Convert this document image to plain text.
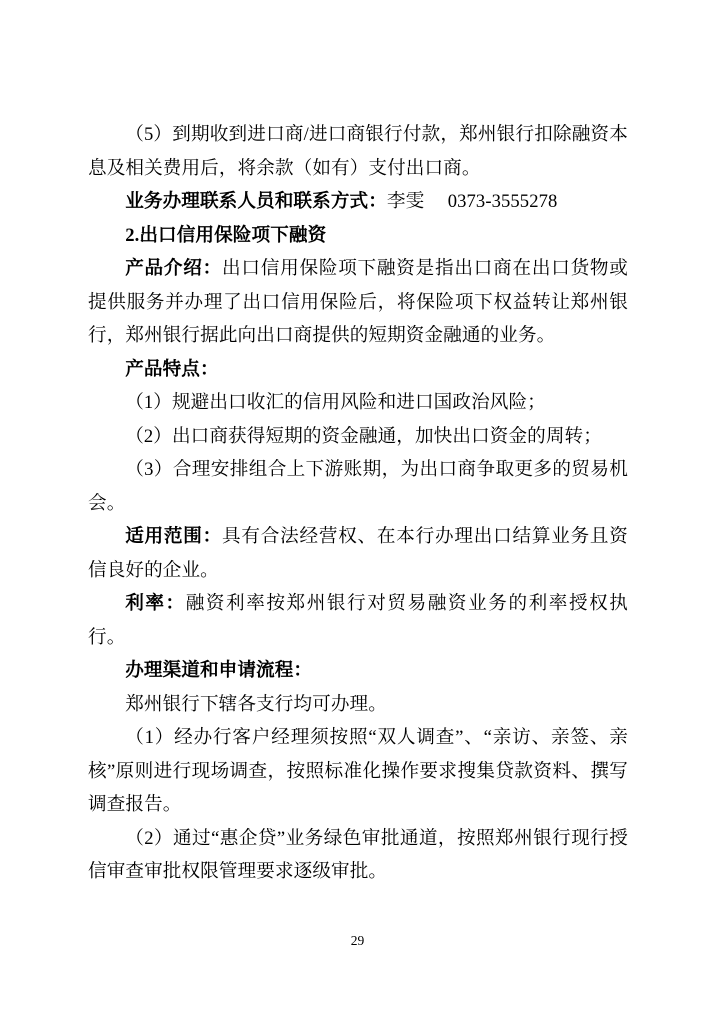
（5）到期收到进口商/进口商银行付款，郑州银行扣除融资本息及相关费用后，将余款（如有）支付出口商。

业务办理联系人员和联系方式：李雯　 0373-3555278

2.出口信用保险项下融资

产品介绍：出口信用保险项下融资是指出口商在出口货物或提供服务并办理了出口信用保险后，将保险项下权益转让郑州银行，郑州银行据此向出口商提供的短期资金融通的业务。

产品特点：

（1）规避出口收汇的信用风险和进口国政治风险；

（2）出口商获得短期的资金融通，加快出口资金的周转；

（3）合理安排组合上下游账期，为出口商争取更多的贸易机会。

适用范围：具有合法经营权、在本行办理出口结算业务且资信良好的企业。

利率：融资利率按郑州银行对贸易融资业务的利率授权执行。

办理渠道和申请流程：

郑州银行下辖各支行均可办理。

（1）经办行客户经理须按照“双人调查”、“亲访、亲签、亲核”原则进行现场调查，按照标准化操作要求搜集贷款资料、撰写调查报告。

（2）通过“惠企贷”业务绿色审批通道，按照郑州银行现行授信审查审批权限管理要求逐级审批。

29
